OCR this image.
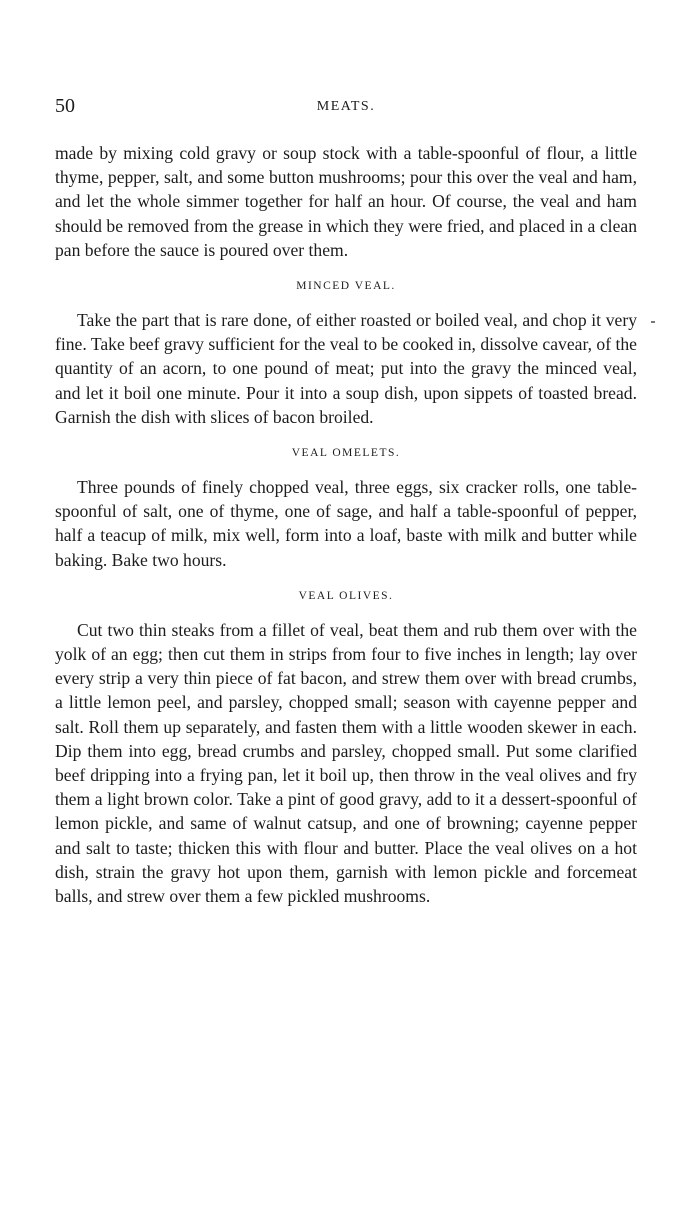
50	MEATS.

made by mixing cold gravy or soup stock with a table-spoonful of flour, a little thyme, pepper, salt, and some button mushrooms; pour this over the veal and ham, and let the whole simmer together for half an hour. Of course, the veal and ham should be removed from the grease in which they were fried, and placed in a clean pan before the sauce is poured over them.

MINCED VEAL.

Take the part that is rare done, of either roasted or boiled veal, and chop it very fine. Take beef gravy sufficient for the veal to be cooked in, dissolve cavear, of the quantity of an acorn, to one pound of meat; put into the gravy the minced veal, and let it boil one minute. Pour it into a soup dish, upon sippets of toasted bread. Garnish the dish with slices of bacon broiled.

VEAL OMELETS.

Three pounds of finely chopped veal, three eggs, six cracker rolls, one table-spoonful of salt, one of thyme, one of sage, and half a table-spoonful of pepper, half a teacup of milk, mix well, form into a loaf, baste with milk and butter while baking. Bake two hours.

VEAL OLIVES.

Cut two thin steaks from a fillet of veal, beat them and rub them over with the yolk of an egg; then cut them in strips from four to five inches in length; lay over every strip a very thin piece of fat bacon, and strew them over with bread crumbs, a little lemon peel, and parsley, chopped small; season with cayenne pepper and salt. Roll them up separately, and fasten them with a little wooden skewer in each. Dip them into egg, bread crumbs and parsley, chopped small. Put some clarified beef dripping into a frying pan, let it boil up, then throw in the veal olives and fry them a light brown color. Take a pint of good gravy, add to it a dessert-spoonful of lemon pickle, and same of walnut catsup, and one of browning; cayenne pepper and salt to taste; thicken this with flour and butter. Place the veal olives on a hot dish, strain the gravy hot upon them, garnish with lemon pickle and forcemeat balls, and strew over them a few pickled mushrooms.
